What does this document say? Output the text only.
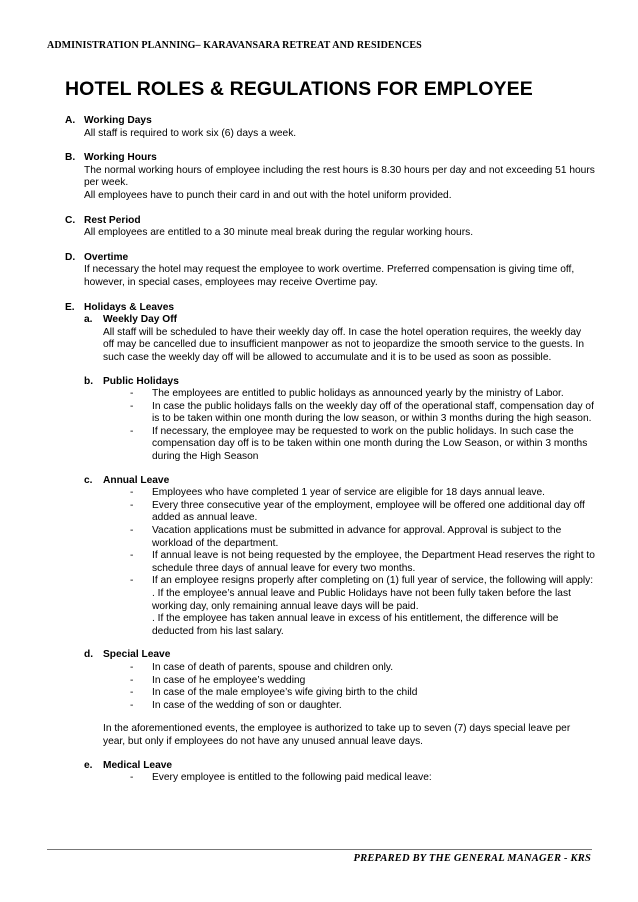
ADMINISTRATION PLANNING– KARAVANSARA RETREAT AND RESIDENCES
HOTEL ROLES & REGULATIONS FOR EMPLOYEE
A. Working Days
All staff is required to work six (6) days a week.
B. Working Hours
The normal working hours of employee including the rest hours is 8.30 hours per day and not exceeding 51 hours per week.
All employees have to punch their card in and out with the hotel uniform provided.
C. Rest Period
All employees are entitled to a 30 minute meal break during the regular working hours.
D. Overtime
If necessary the hotel may request the employee to work overtime. Preferred compensation is giving time off, however, in special cases, employees may receive Overtime pay.
E. Holidays & Leaves
a. Weekly Day Off
All staff will be scheduled to have their weekly day off. In case the hotel operation requires, the weekly day off may be cancelled due to insufficient manpower as not to jeopardize the smooth service to the guests. In such case the weekly day off will be allowed to accumulate and it is to be used as soon as possible.
b. Public Holidays
- The employees are entitled to public holidays as announced yearly by the ministry of Labor.
- In case the public holidays falls on the weekly day off of the operational staff, compensation day of is to be taken within one month during the low season, or within 3 months during the high season.
- If necessary, the employee may be requested to work on the public holidays. In such case the compensation day off is to be taken within one month during the Low Season, or within 3 months during the High Season
c. Annual Leave
- Employees who have completed 1 year of service are eligible for 18 days annual leave.
- Every three consecutive year of the employment, employee will be offered one additional day off added as annual leave.
- Vacation applications must be submitted in advance for approval. Approval is subject to the workload of the department.
- If annual leave is not being requested by the employee, the Department Head reserves the right to schedule three days of annual leave for every two months.
- If an employee resigns properly after completing on (1) full year of service, the following will apply:
. If the employee’s annual leave and Public Holidays have not been fully taken before the last working day, only remaining annual leave days will be paid.
. If the employee has taken annual leave in excess of his entitlement, the difference will be deducted from his last salary.
d. Special Leave
- In case of death of parents, spouse and children only.
- In case of he employee’s wedding
- In case of the male employee’s wife giving birth to the child
- In case of the wedding of son or daughter.
In the aforementioned events, the employee is authorized to take up to seven (7) days special leave per year, but only if employees do not have any unused annual leave days.
e. Medical Leave
- Every employee is entitled to the following paid medical leave:
PREPARED BY THE GENERAL MANAGER - KRS
